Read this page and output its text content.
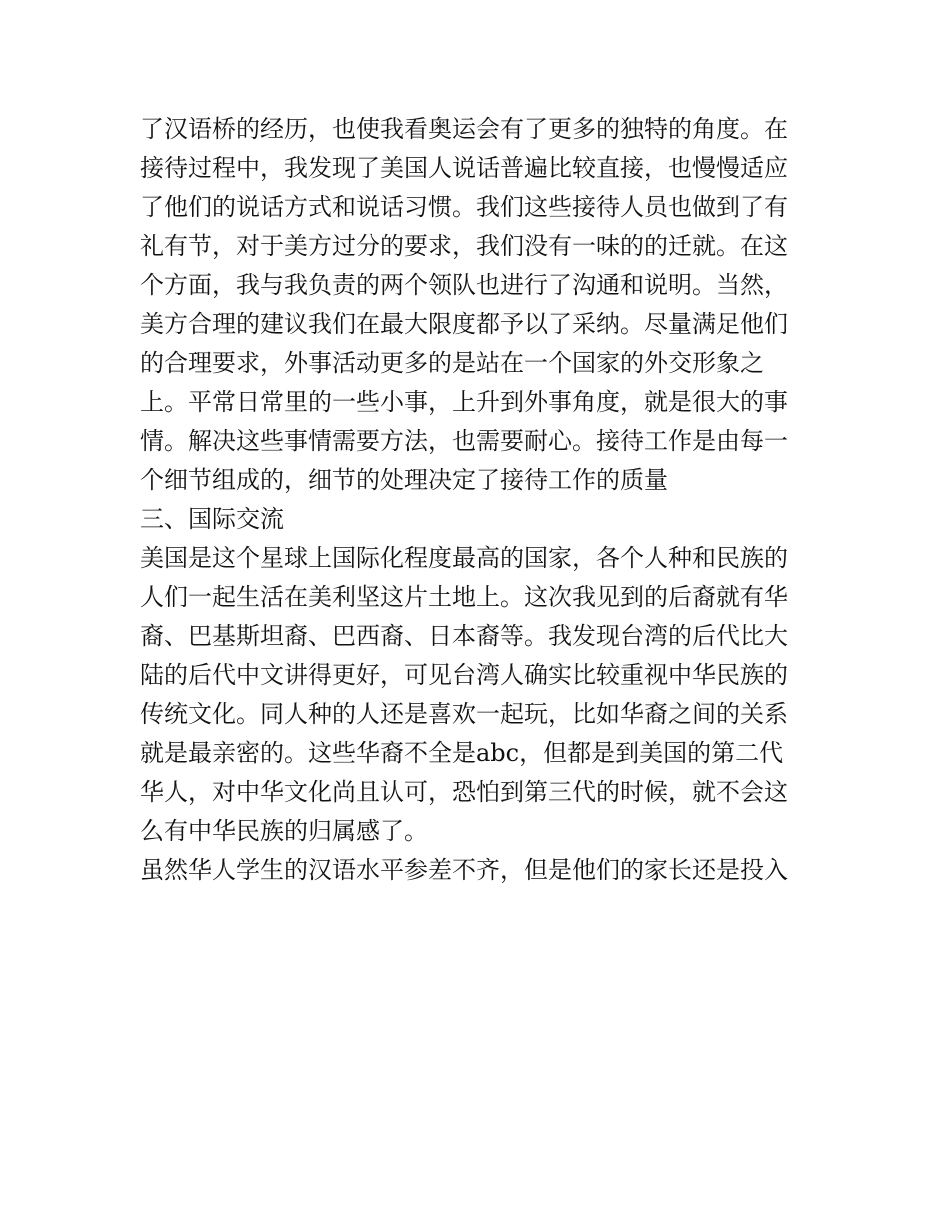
了汉语桥的经历，也使我看奥运会有了更多的独特的角度。在
接待过程中，我发现了美国人说话普遍比较直接，也慢慢适应
了他们的说话方式和说话习惯。我们这些接待人员也做到了有
礼有节，对于美方过分的要求，我们没有一味的的迁就。在这
个方面，我与我负责的两个领队也进行了沟通和说明。当然，
美方合理的建议我们在最大限度都予以了采纳。尽量满足他们
的合理要求，外事活动更多的是站在一个国家的外交形象之
上。平常日常里的一些小事，上升到外事角度，就是很大的事
情。解决这些事情需要方法，也需要耐心。接待工作是由每一
个细节组成的，细节的处理决定了接待工作的质量
三、国际交流
美国是这个星球上国际化程度最高的国家，各个人种和民族的
人们一起生活在美利坚这片土地上。这次我见到的后裔就有华
裔、巴基斯坦裔、巴西裔、日本裔等。我发现台湾的后代比大
陆的后代中文讲得更好，可见台湾人确实比较重视中华民族的
传统文化。同人种的人还是喜欢一起玩，比如华裔之间的关系
就是最亲密的。这些华裔不全是abc，但都是到美国的第二代
华人，对中华文化尚且认可，恐怕到第三代的时候，就不会这
么有中华民族的归属感了。
虽然华人学生的汉语水平参差不齐，但是他们的家长还是投入
